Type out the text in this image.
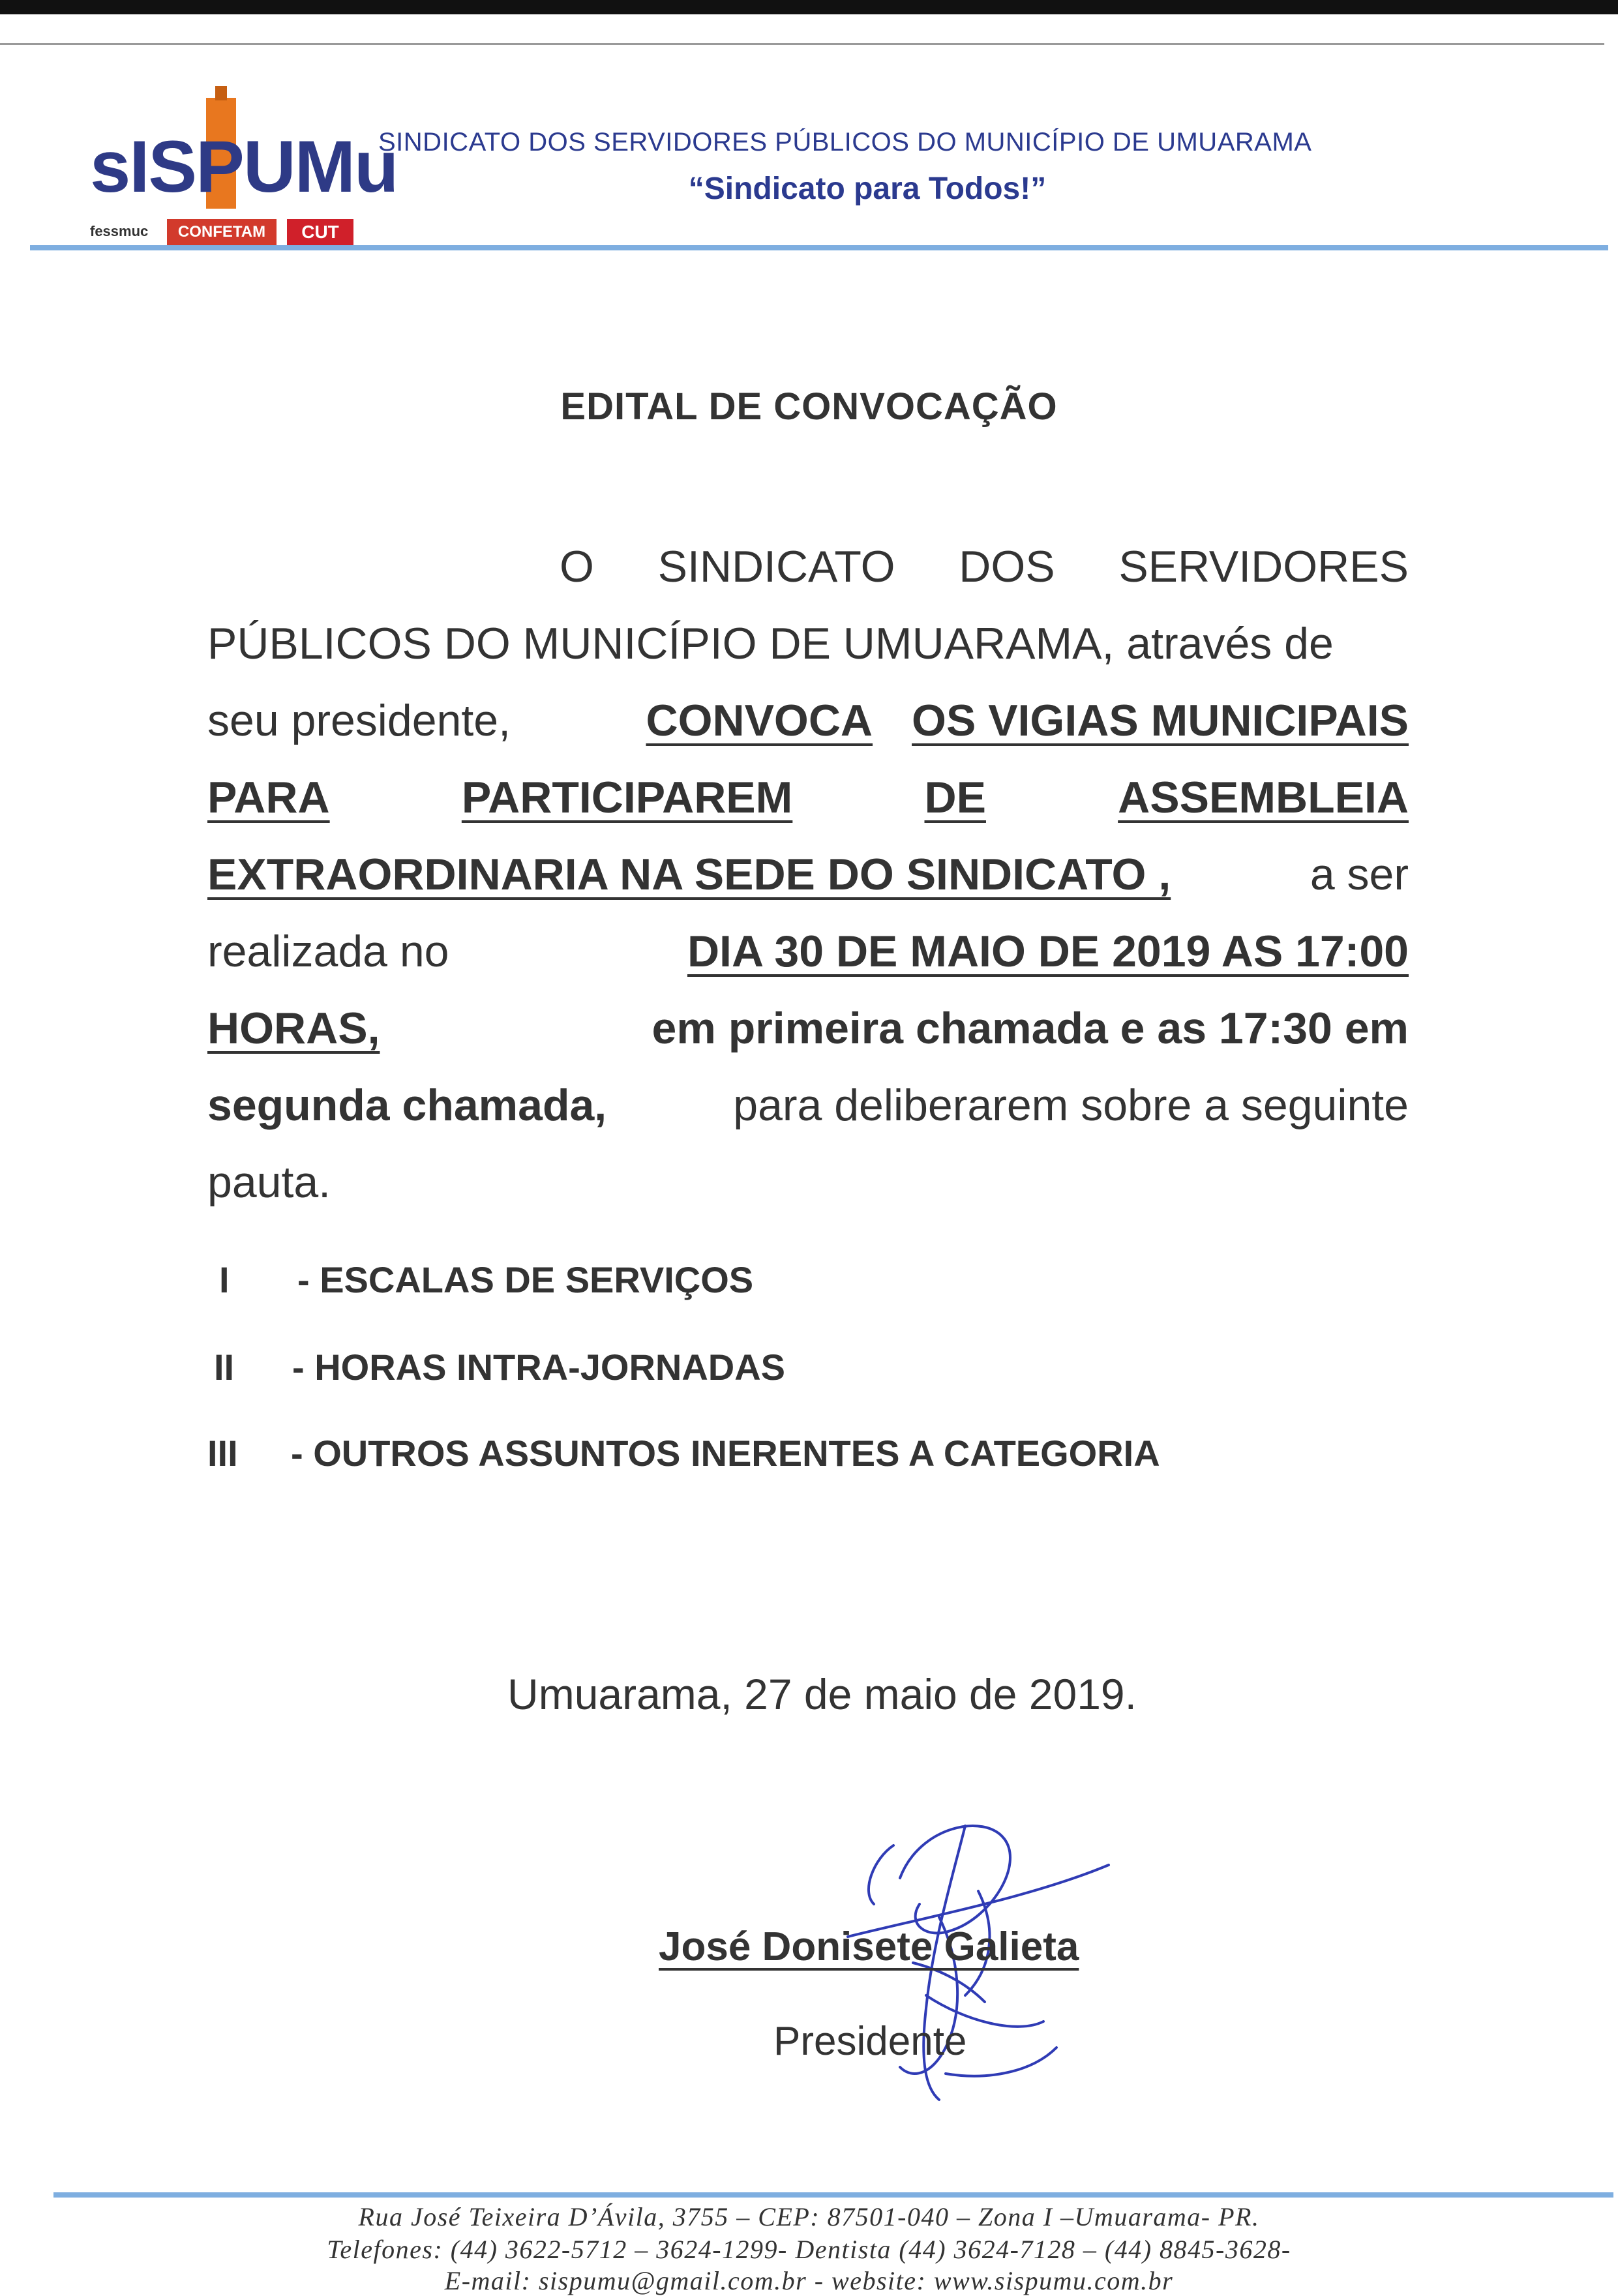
sISPUMu
fessmuc	CONFETAM	CUT
SINDICATO DOS SERVIDORES PÚBLICOS DO MUNICÍPIO DE UMUARAMA
“Sindicato para Todos!”
EDITAL DE CONVOCAÇÃO
O SINDICATO DOS SERVIDORES
PÚBLICOS DO MUNICÍPIO DE UMUARAMA, através de
seu presidente,	CONVOCA OS VIGIAS MUNICIPAIS
PARA	PARTICIPAREM	DE	ASSEMBLEIA
EXTRAORDINARIA NA SEDE DO SINDICATO ,	a ser
realizada no	DIA 30 DE MAIO DE 2019 AS 17:00
HORAS,	em primeira chamada e as 17:30 em
segunda chamada,	para deliberarem sobre a seguinte
pauta.
I - ESCALAS DE SERVIÇOS
II - HORAS INTRA-JORNADAS
III - OUTROS ASSUNTOS INERENTES A CATEGORIA
Umuarama, 27 de maio de 2019.
José Donisete Galieta
Presidente
Rua José Teixeira D’Ávila, 3755 – CEP: 87501-040 – Zona I –Umuarama- PR.
Telefones: (44) 3622-5712 – 3624-1299- Dentista (44) 3624-7128 – (44) 8845-3628-
E-mail: sispumu@gmail.com.br - website: www.sispumu.com.br
